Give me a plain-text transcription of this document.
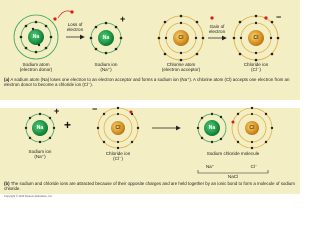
Na	Na	Cl	Cl
Na	Cl	Na	Cl
+	−
+	−
+
Loss of electron
Gain of electron
Sodium atom
(electron donor)
Sodium ion
(Na⁺)
Chlorine atom
(electron acceptor)
Chloride ion
(Cl⁻)
(a) A sodium atom (Na) loses one electron to an electron acceptor and forms a sodium ion (Na⁺). A chlorine atom (Cl) accepts one electron from an electron donor to become a chloride ion (Cl⁻).
Sodium ion
(Na⁺)
Chloride ion
(Cl⁻)
Sodium chloride molecule
Na⁺	Cl⁻
NaCl
(b) The sodium and chloride ions are attracted because of their opposite charges and are held together by an ionic bond to form a molecule of sodium chloride.
Copyright © 2010 Pearson Education, Inc.
